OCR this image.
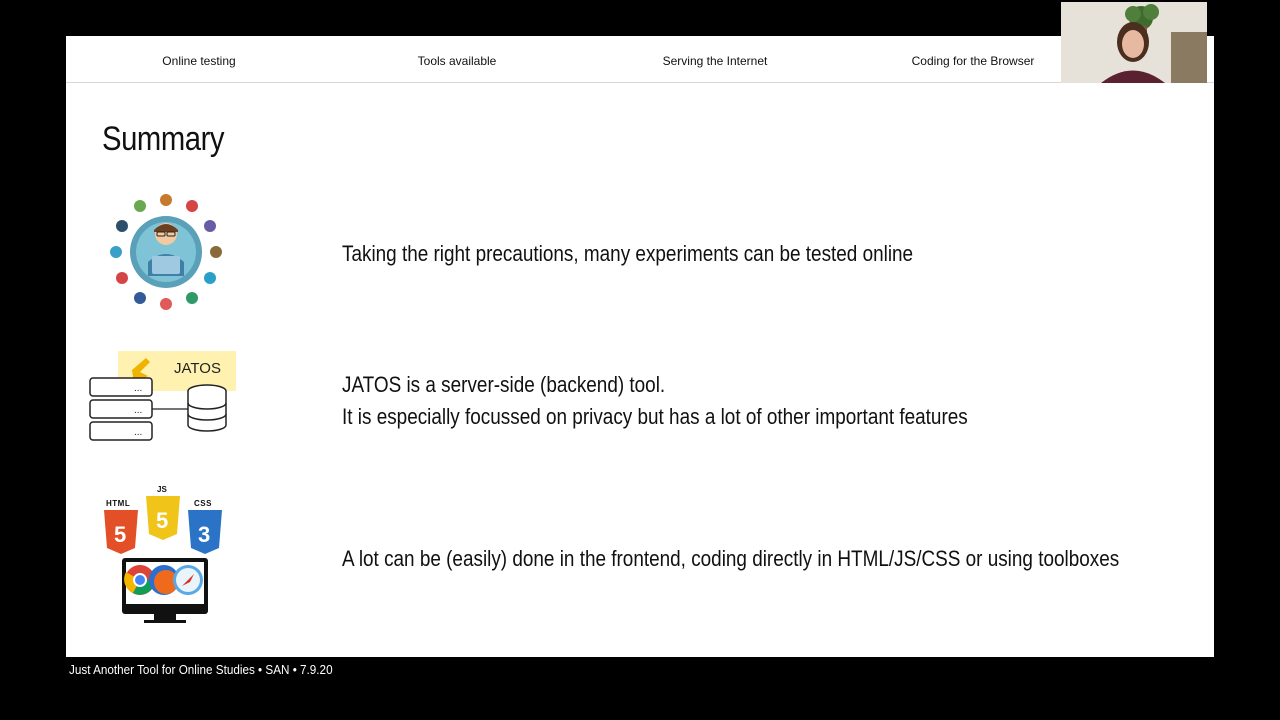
Online testing	Tools available	Serving the Internet	Coding for the Browser
Summary
Taking the right precautions, many experiments can be tested online
...
...
...
JATOS
JATOS is a server-side (backend) tool.
It is especially focussed on privacy but has a lot of other important features
5
5
3
HTML
JS
CSS
A lot can be (easily) done in the frontend, coding directly in HTML/JS/CSS or using toolboxes
Just Another Tool for Online Studies • SAN • 7.9.20
